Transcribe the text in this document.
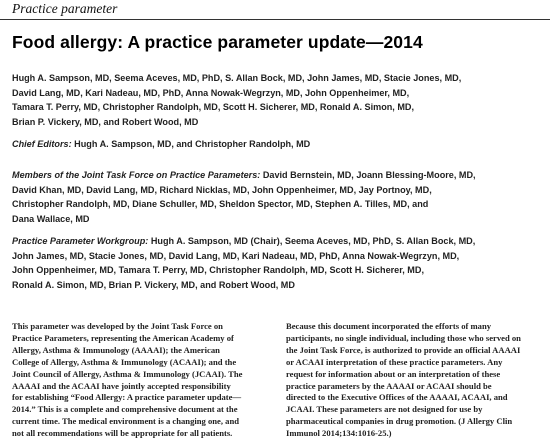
Practice parameter
Food allergy: A practice parameter update—2014
Hugh A. Sampson, MD, Seema Aceves, MD, PhD, S. Allan Bock, MD, John James, MD, Stacie Jones, MD,
David Lang, MD, Kari Nadeau, MD, PhD, Anna Nowak-Wegrzyn, MD, John Oppenheimer, MD,
Tamara T. Perry, MD, Christopher Randolph, MD, Scott H. Sicherer, MD, Ronald A. Simon, MD,
Brian P. Vickery, MD, and Robert Wood, MD
Chief Editors: Hugh A. Sampson, MD, and Christopher Randolph, MD
Members of the Joint Task Force on Practice Parameters: David Bernstein, MD, Joann Blessing-Moore, MD,
David Khan, MD, David Lang, MD, Richard Nicklas, MD, John Oppenheimer, MD, Jay Portnoy, MD,
Christopher Randolph, MD, Diane Schuller, MD, Sheldon Spector, MD, Stephen A. Tilles, MD, and
Dana Wallace, MD
Practice Parameter Workgroup: Hugh A. Sampson, MD (Chair), Seema Aceves, MD, PhD, S. Allan Bock, MD,
John James, MD, Stacie Jones, MD, David Lang, MD, Kari Nadeau, MD, PhD, Anna Nowak-Wegrzyn, MD,
John Oppenheimer, MD, Tamara T. Perry, MD, Christopher Randolph, MD, Scott H. Sicherer, MD,
Ronald A. Simon, MD, Brian P. Vickery, MD, and Robert Wood, MD
This parameter was developed by the Joint Task Force on
Practice Parameters, representing the American Academy of
Allergy, Asthma & Immunology (AAAAI); the American
College of Allergy, Asthma & Immunology (ACAAI); and the
Joint Council of Allergy, Asthma & Immunology (JCAAI). The
AAAAI and the ACAAI have jointly accepted responsibility
for establishing “Food Allergy: A practice parameter update—
2014.” This is a complete and comprehensive document at the
current time. The medical environment is a changing one, and
not all recommendations will be appropriate for all patients.
Because this document incorporated the efforts of many
participants, no single individual, including those who served on
the Joint Task Force, is authorized to provide an official AAAAI
or ACAAI interpretation of these practice parameters. Any
request for information about or an interpretation of these
practice parameters by the AAAAI or ACAAI should be
directed to the Executive Offices of the AAAAI, ACAAI, and
JCAAI. These parameters are not designed for use by
pharmaceutical companies in drug promotion. (J Allergy Clin
Immunol 2014;134:1016-25.)
